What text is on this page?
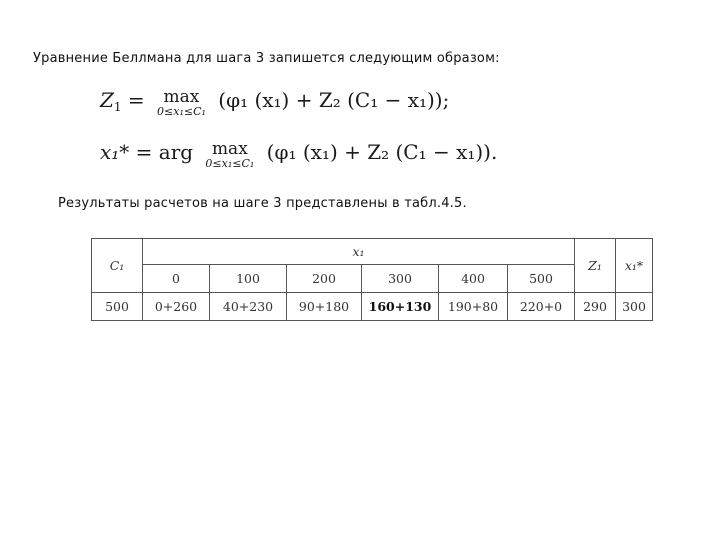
Уравнение Беллмана для шага 3 запишется следующим образом:
$Z_1$ =	max
0≤x₁≤C₁ (φ₁ (x₁) + Z₂ (C₁ − x₁));
x₁* = arg	max
0≤x₁≤C₁ (φ₁ (x₁) + Z₂ (C₁ − x₁)).
Результаты расчетов на шаге 3 представлены в табл.4.5.
C₁	x₁						Z₁	x₁*
	0	100	200	300	400	500		
500	0+260	40+230	90+180	160+130	190+80	220+0	290	300
